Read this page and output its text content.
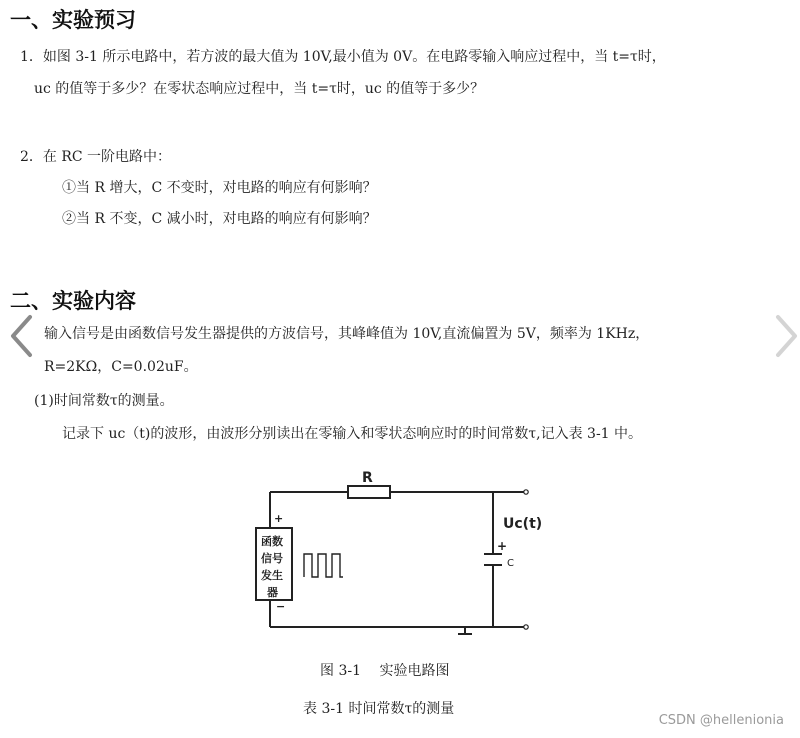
一、实验预习
1．如图 3-1 所示电路中，若方波的最大值为 10V,最小值为 0V。在电路零输入响应过程中，当 t=τ时，
uc 的值等于多少？在零状态响应过程中，当 t=τ时，uc 的值等于多少？
2．在 RC 一阶电路中：
①当 R 增大，C 不变时，对电路的响应有何影响？
②当 R 不变，C 减小时，对电路的响应有何影响？
二、实验内容
输入信号是由函数信号发生器提供的方波信号，其峰峰值为 10V,直流偏置为 5V，频率为 1KHz，
R=2KΩ，C=0.02uF。
(1)时间常数τ的测量。
记录下 uc（t)的波形，由波形分别读出在零输入和零状态响应时的时间常数τ,记入表 3-1 中。
R
Uc(t)
+
C
+
−
函数
信号
发生
器
图 3-1　 实验电路图
表 3-1 时间常数τ的测量
CSDN @hellenionia
